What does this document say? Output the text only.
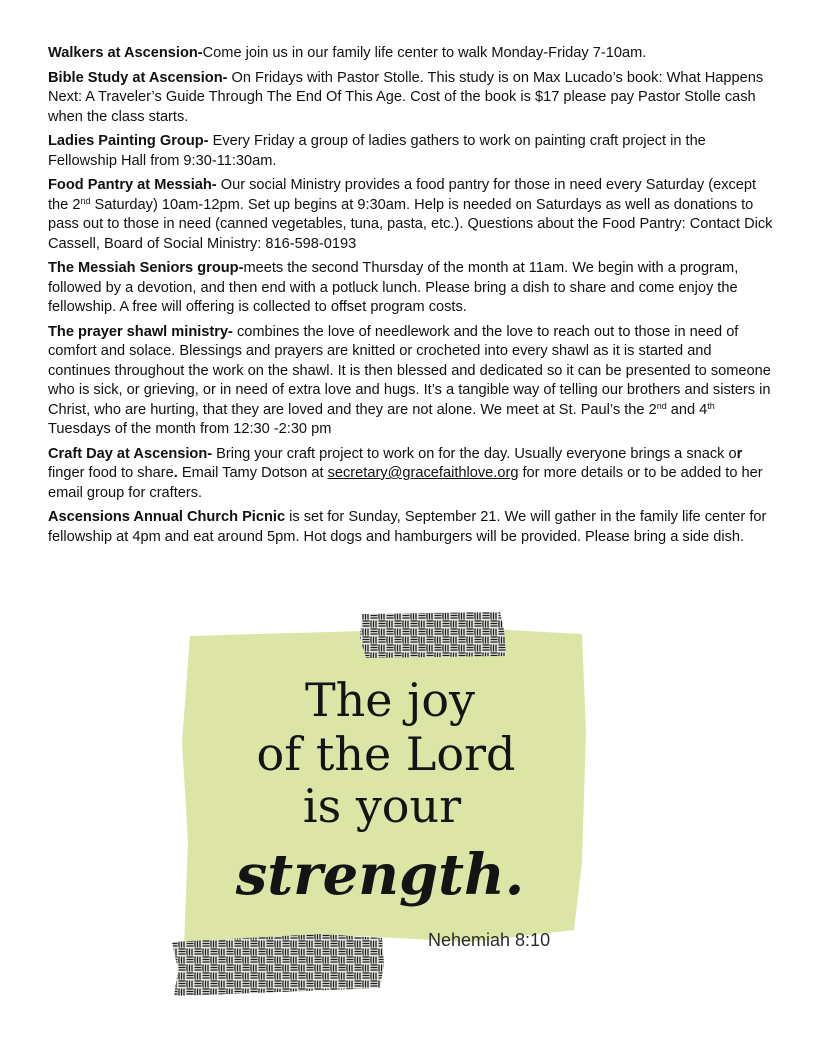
Walkers at Ascension-Come join us in our family life center to walk Monday-Friday 7-10am.

Bible Study at Ascension- On Fridays with Pastor Stolle. This study is on Max Lucado’s book: What Happens Next: A Traveler’s Guide Through The End Of This Age. Cost of the book is $17 please pay Pastor Stolle cash when the class starts.

Ladies Painting Group- Every Friday a group of ladies gathers to work on painting craft project in the Fellowship Hall from 9:30-11:30am.

Food Pantry at Messiah- Our social Ministry provides a food pantry for those in need every Saturday (except the 2nd Saturday) 10am-12pm. Set up begins at 9:30am. Help is needed on Saturdays as well as donations to pass out to those in need (canned vegetables, tuna, pasta, etc.). Questions about the Food Pantry: Contact Dick Cassell, Board of Social Ministry: 816-598-0193

The Messiah Seniors group-meets the second Thursday of the month at 11am. We begin with a program, followed by a devotion, and then end with a potluck lunch. Please bring a dish to share and come enjoy the fellowship. A free will offering is collected to offset program costs.

The prayer shawl ministry- combines the love of needlework and the love to reach out to those in need of comfort and solace. Blessings and prayers are knitted or crocheted into every shawl as it is started and continues throughout the work on the shawl. It is then blessed and dedicated so it can be presented to someone who is sick, or grieving, or in need of extra love and hugs. It’s a tangible way of telling our brothers and sisters in Christ, who are hurting, that they are loved and they are not alone. We meet at St. Paul’s the 2nd and 4th Tuesdays of the month from 12:30 -2:30 pm

Craft Day at Ascension- Bring your craft project to work on for the day. Usually everyone brings a snack or finger food to share. Email Tamy Dotson at secretary@gracefaithlove.org for more details or to be added to her email group for crafters.

Ascensions Annual Church Picnic is set for Sunday, September 21. We will gather in the family life center for fellowship at 4pm and eat around 5pm. Hot dogs and hamburgers will be provided. Please bring a side dish.

The joy
of the Lord
is your
strength.
Nehemiah 8:10
